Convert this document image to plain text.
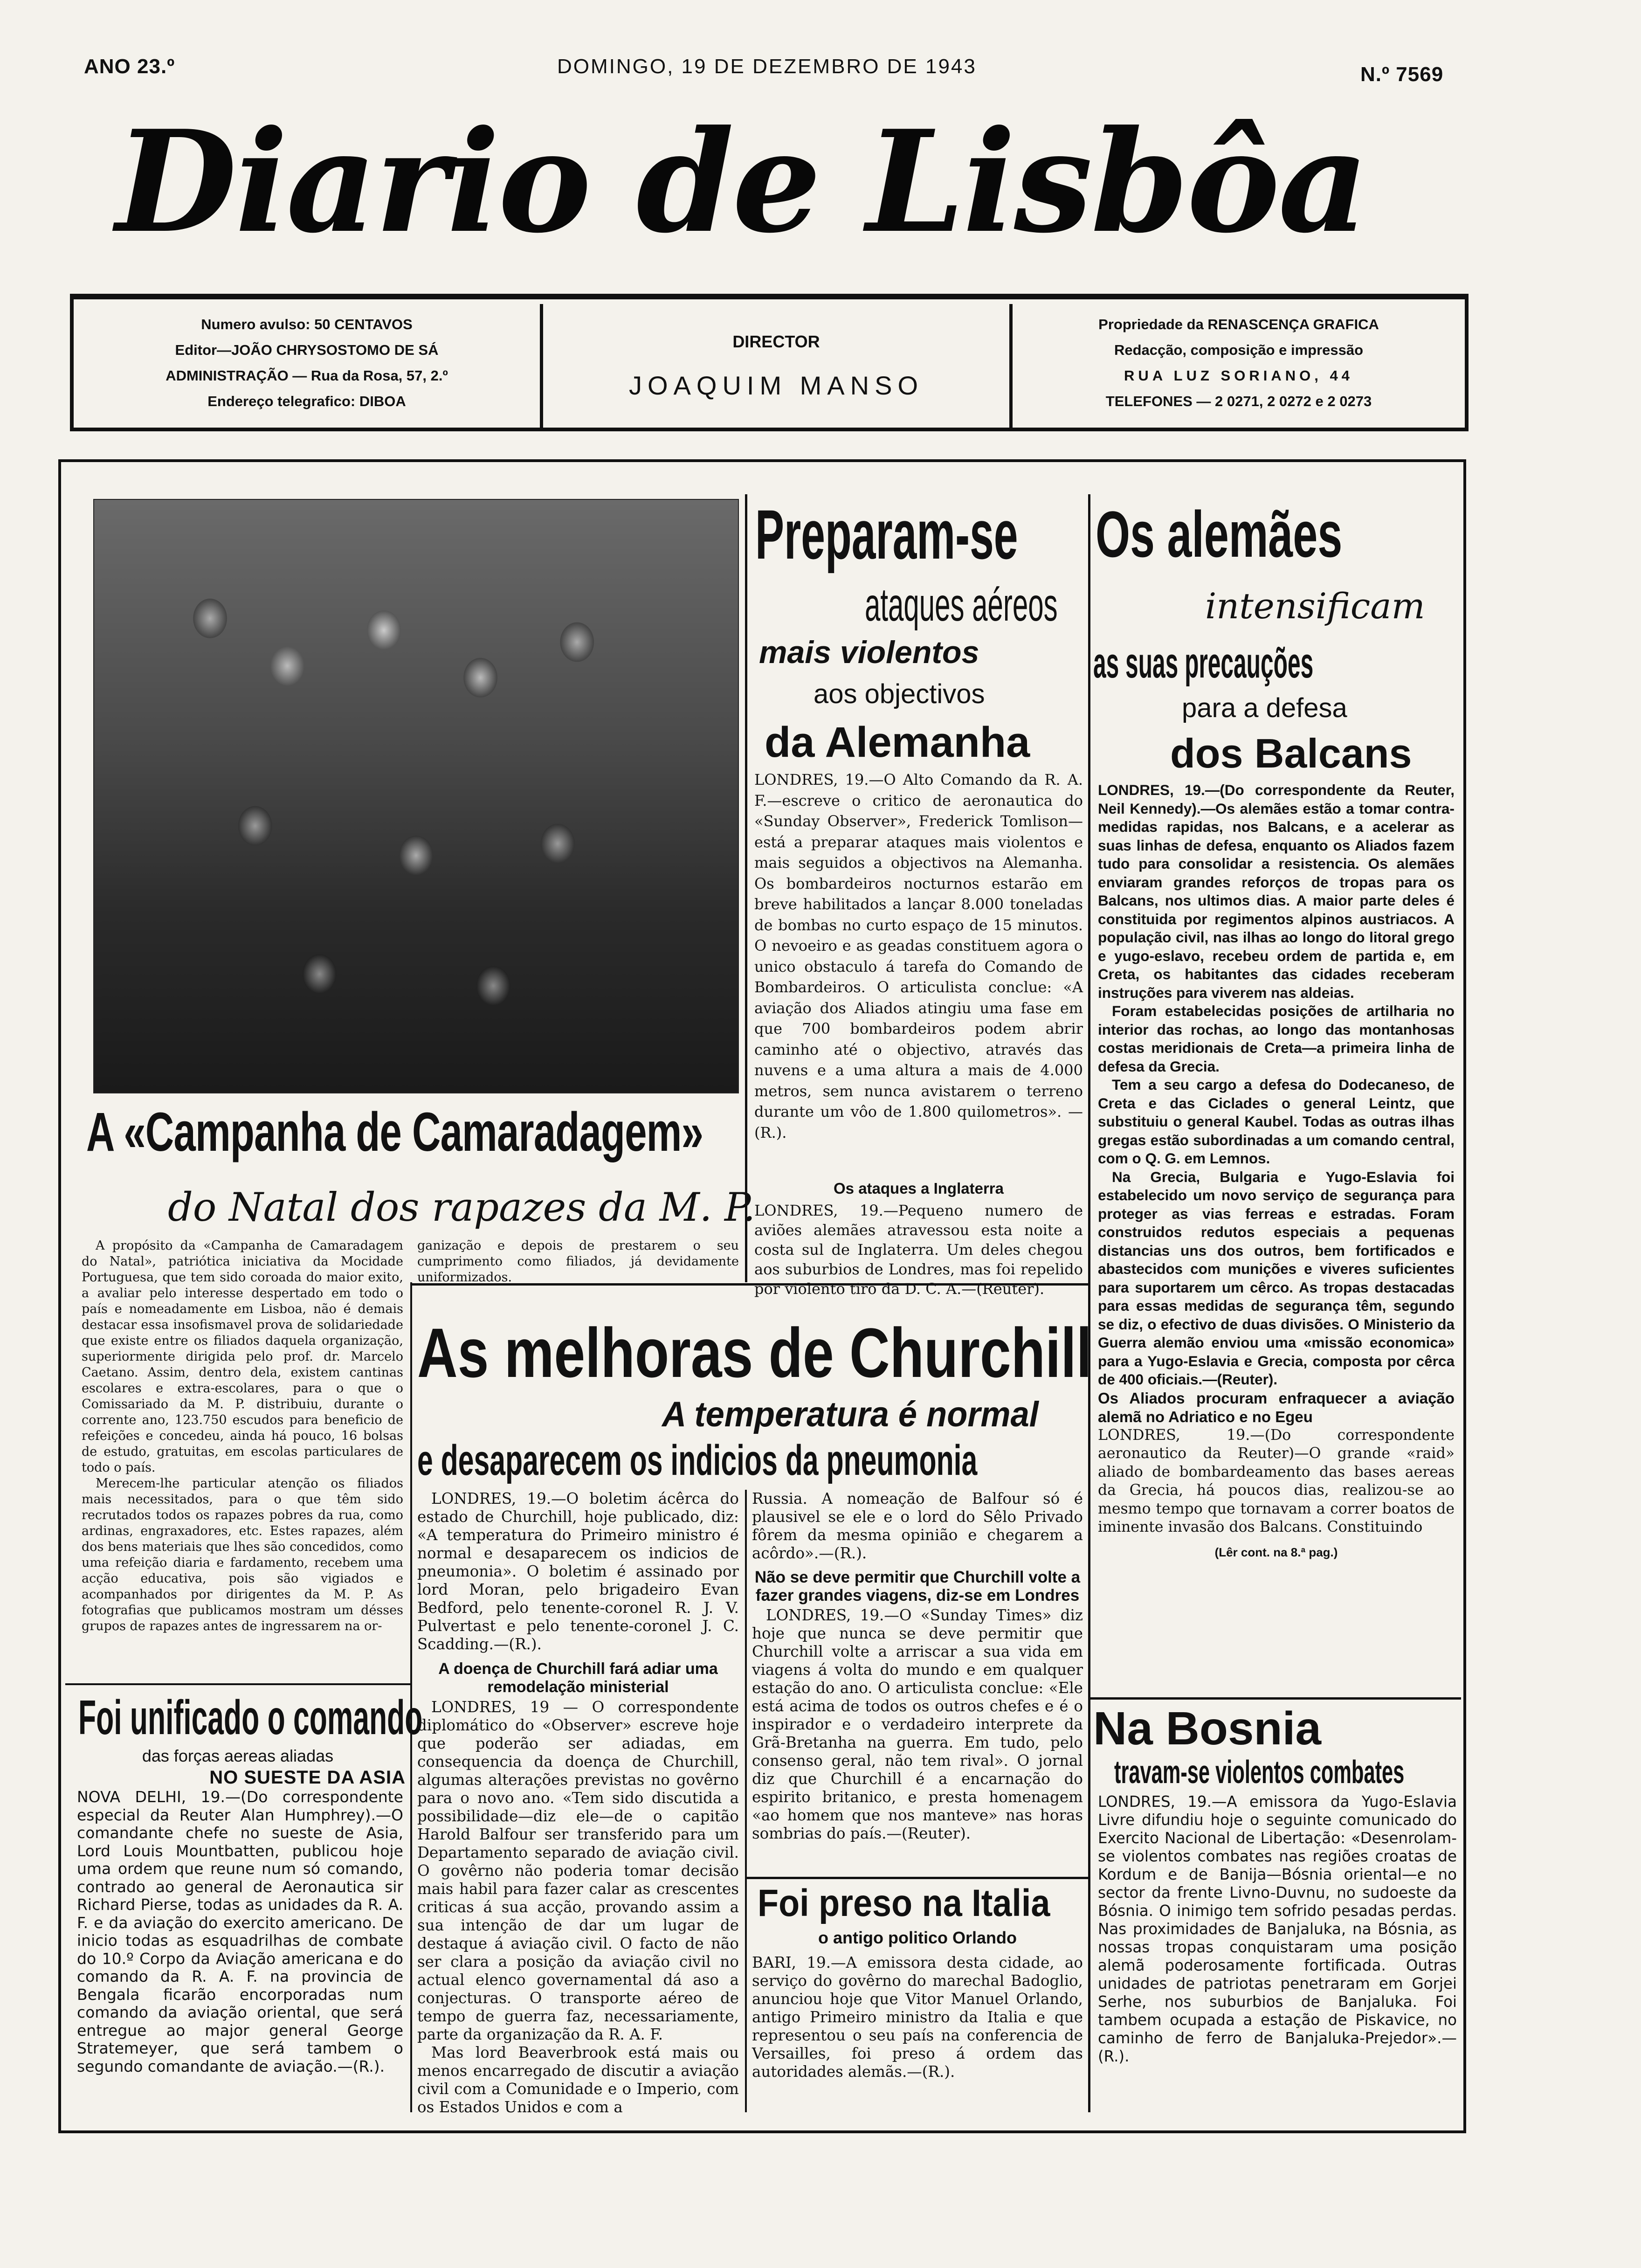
ANO 23.º	DOMINGO, 19 DE DEZEMBRO DE 1943	N.º 7569
Diario de Lisbôa
Numero avulso: 50 CENTAVOS
Editor—JOÃO CHRYSOSTOMO DE SÁ
ADMINISTRAÇÃO — Rua da Rosa, 57, 2.º
Endereço telegrafico: DIBOA
DIRECTOR
JOAQUIM MANSO
Propriedade da RENASCENÇA GRAFICA
Redacção, composição e impressão
RUA LUZ SORIANO, 44
TELEFONES — 2 0271, 2 0272 e 2 0273
A «Campanha de Camaradagem»
do Natal dos rapazes da M. P.

A propósito da «Campanha de Camaradagem do Natal», patriótica iniciativa da Mocidade Portuguesa, que tem sido coroada do maior exito, a avaliar pelo interesse despertado em todo o país e nomeadamente em Lisboa, não é demais destacar essa insofismavel prova de solidariedade que existe entre os filiados daquela organização, superiormente dirigida pelo prof. dr. Marcelo Caetano. Assim, dentro dela, existem cantinas escolares e extra-escolares, para o que o Comissariado da M. P. distribuiu, durante o corrente ano, 123.750 escudos para beneficio de refeições e concedeu, ainda há pouco, 16 bolsas de estudo, gratuitas, em escolas particulares de todo o país.

Merecem-lhe particular atenção os filiados mais necessitados, para o que têm sido recrutados todos os rapazes pobres da rua, como ardinas, engraxadores, etc. Estes rapazes, além dos bens materiais que lhes são concedidos, como uma refeição diaria e fardamento, recebem uma acção educativa, pois são vigiados e acompanhados por dirigentes da M. P. As fotografias que publicamos mostram um désses grupos de rapazes antes de ingressarem na or-

ganização e depois de prestarem o seu cumprimento como filiados, já devidamente uniformizados.
Preparam-se
ataques aéreos
mais violentos
aos objectivos
da Alemanha
LONDRES, 19.—O Alto Comando da R. A. F.—escreve o critico de aeronautica do «Sunday Observer», Frederick Tomlison—está a preparar ataques mais violentos e mais seguidos a objectivos na Alemanha. Os bombardeiros nocturnos estarão em breve habilitados a lançar 8.000 toneladas de bombas no curto espaço de 15 minutos. O nevoeiro e as geadas constituem agora o unico obstaculo á tarefa do Comando de Bombardeiros. O articulista conclue: «A aviação dos Aliados atingiu uma fase em que 700 bombardeiros podem abrir caminho até o objectivo, através das nuvens e a uma altura a mais de 4.000 metros, sem nunca avistarem o terreno durante um vôo de 1.800 quilometros». —(R.).
Os ataques a Inglaterra
LONDRES, 19.—Pequeno numero de aviões alemães atravessou esta noite a costa sul de Inglaterra. Um deles chegou aos suburbios de Londres, mas foi repelido por violento tiro da D. C. A.—(Reuter).
Os alemães
intensificam
as suas precauções
para a defesa
dos Balcans

LONDRES, 19.—(Do correspondente da Reuter, Neil Kennedy).—Os alemães estão a tomar contra-medidas rapidas, nos Balcans, e a acelerar as suas linhas de defesa, enquanto os Aliados fazem tudo para consolidar a resistencia. Os alemães enviaram grandes reforços de tropas para os Balcans, nos ultimos dias. A maior parte deles é constituida por regimentos alpinos austriacos. A população civil, nas ilhas ao longo do litoral grego e yugo-eslavo, recebeu ordem de partida e, em Creta, os habitantes das cidades receberam instruções para viverem nas aldeias.

Foram estabelecidas posições de artilharia no interior das rochas, ao longo das montanhosas costas meridionais de Creta—a primeira linha de defesa da Grecia.

Tem a seu cargo a defesa do Dodecaneso, de Creta e das Ciclades o general Leintz, que substituiu o general Kaubel. Todas as outras ilhas gregas estão subordinadas a um comando central, com o Q. G. em Lemnos.

Na Grecia, Bulgaria e Yugo-Eslavia foi estabelecido um novo serviço de segurança para proteger as vias ferreas e estradas. Foram construidos redutos especiais a pequenas distancias uns dos outros, bem fortificados e abastecidos com munições e viveres suficientes para suportarem um cêrco. As tropas destacadas para essas medidas de segurança têm, segundo se diz, o efectivo de duas divisões. O Ministerio da Guerra alemão enviou uma «missão economica» para a Yugo-Eslavia e Grecia, composta por cêrca de 400 oficiais.—(Reuter).

Os Aliados procuram enfraquecer a aviação alemã no Adriatico e no Egeu

LONDRES, 19.—(Do correspondente aeronautico da Reuter)—O grande «raid» aliado de bombardeamento das bases aereas da Grecia, há poucos dias, realizou-se ao mesmo tempo que tornavam a correr boatos de iminente invasão dos Balcans. Constituindo

(Lêr cont. na 8.ª pag.)

As melhoras de Churchill
A temperatura é normal
e desaparecem os indicios da pneumonia

LONDRES, 19.—O boletim ácêrca do estado de Churchill, hoje publicado, diz: «A temperatura do Primeiro ministro é normal e desaparecem os indicios de pneumonia». O boletim é assinado por lord Moran, pelo brigadeiro Evan Bedford, pelo tenente-coronel R. J. V. Pulvertast e pelo tenente-coronel J. C. Scadding.—(R.).

A doença de Churchill fará adiar uma remodelação ministerial

LONDRES, 19 — O correspondente diplomático do «Observer» escreve hoje que poderão ser adiadas, em consequencia da doença de Churchill, algumas alterações previstas no govêrno para o novo ano. «Tem sido discutida a possibilidade—diz ele—de o capitão Harold Balfour ser transferido para um Departamento separado de aviação civil. O govêrno não poderia tomar decisão mais habil para fazer calar as crescentes criticas á sua acção, provando assim a sua intenção de dar um lugar de destaque á aviação civil. O facto de não ser clara a posição da aviação civil no actual elenco governamental dá aso a conjecturas. O transporte aéreo de tempo de guerra faz, necessariamente, parte da organização da R. A. F.

Mas lord Beaverbrook está mais ou menos encarregado de discutir a aviação civil com a Comunidade e o Imperio, com os Estados Unidos e com a

Russia. A nomeação de Balfour só é plausivel se ele e o lord do Sêlo Privado fôrem da mesma opinião e chegarem a acôrdo».—(R.).

Não se deve permitir que Churchill volte a fazer grandes viagens, diz-se em Londres

LONDRES, 19.—O «Sunday Times» diz hoje que nunca se deve permitir que Churchill volte a arriscar a sua vida em viagens á volta do mundo e em qualquer estação do ano. O articulista conclue: «Ele está acima de todos os outros chefes e é o inspirador e o verdadeiro interprete da Grã-Bretanha na guerra. Em tudo, pelo consenso geral, não tem rival». O jornal diz que Churchill é a encarnação do espirito britanico, e presta homenagem «ao homem que nos manteve» nas horas sombrias do país.—(Reuter).

Foi preso na Italia
o antigo politico Orlando
BARI, 19.—A emissora desta cidade, ao serviço do govêrno do marechal Badoglio, anunciou hoje que Vitor Manuel Orlando, antigo Primeiro ministro da Italia e que representou o seu país na conferencia de Versailles, foi preso á ordem das autoridades alemãs.—(R.).
Foi unificado o comando
das forças aereas aliadas
NO SUESTE DA ASIA
NOVA DELHI, 19.—(Do correspondente especial da Reuter Alan Humphrey).—O comandante chefe no sueste de Asia, Lord Louis Mountbatten, publicou hoje uma ordem que reune num só comando, contrado ao general de Aeronautica sir Richard Pierse, todas as unidades da R. A. F. e da aviação do exercito americano. De inicio todas as esquadrilhas de combate do 10.º Corpo da Aviação americana e do comando da R. A. F. na provincia de Bengala ficarão encorporadas num comando da aviação oriental, que será entregue ao major general George Stratemeyer, que será tambem o segundo comandante de aviação.—(R.).
Na Bosnia
travam-se violentos combates
LONDRES, 19.—A emissora da Yugo-Eslavia Livre difundiu hoje o seguinte comunicado do Exercito Nacional de Libertação: «Desenrolam-se violentos combates nas regiões croatas de Kordum e de Banija—Bósnia oriental—e no sector da frente Livno-Duvnu, no sudoeste da Bósnia. O inimigo tem sofrido pesadas perdas. Nas proximidades de Banjaluka, na Bósnia, as nossas tropas conquistaram uma posição alemã poderosamente fortificada. Outras unidades de patriotas penetraram em Gorjei Serhe, nos suburbios de Banjaluka. Foi tambem ocupada a estação de Piskavice, no caminho de ferro de Banjaluka-Prejedor».—(R.).
